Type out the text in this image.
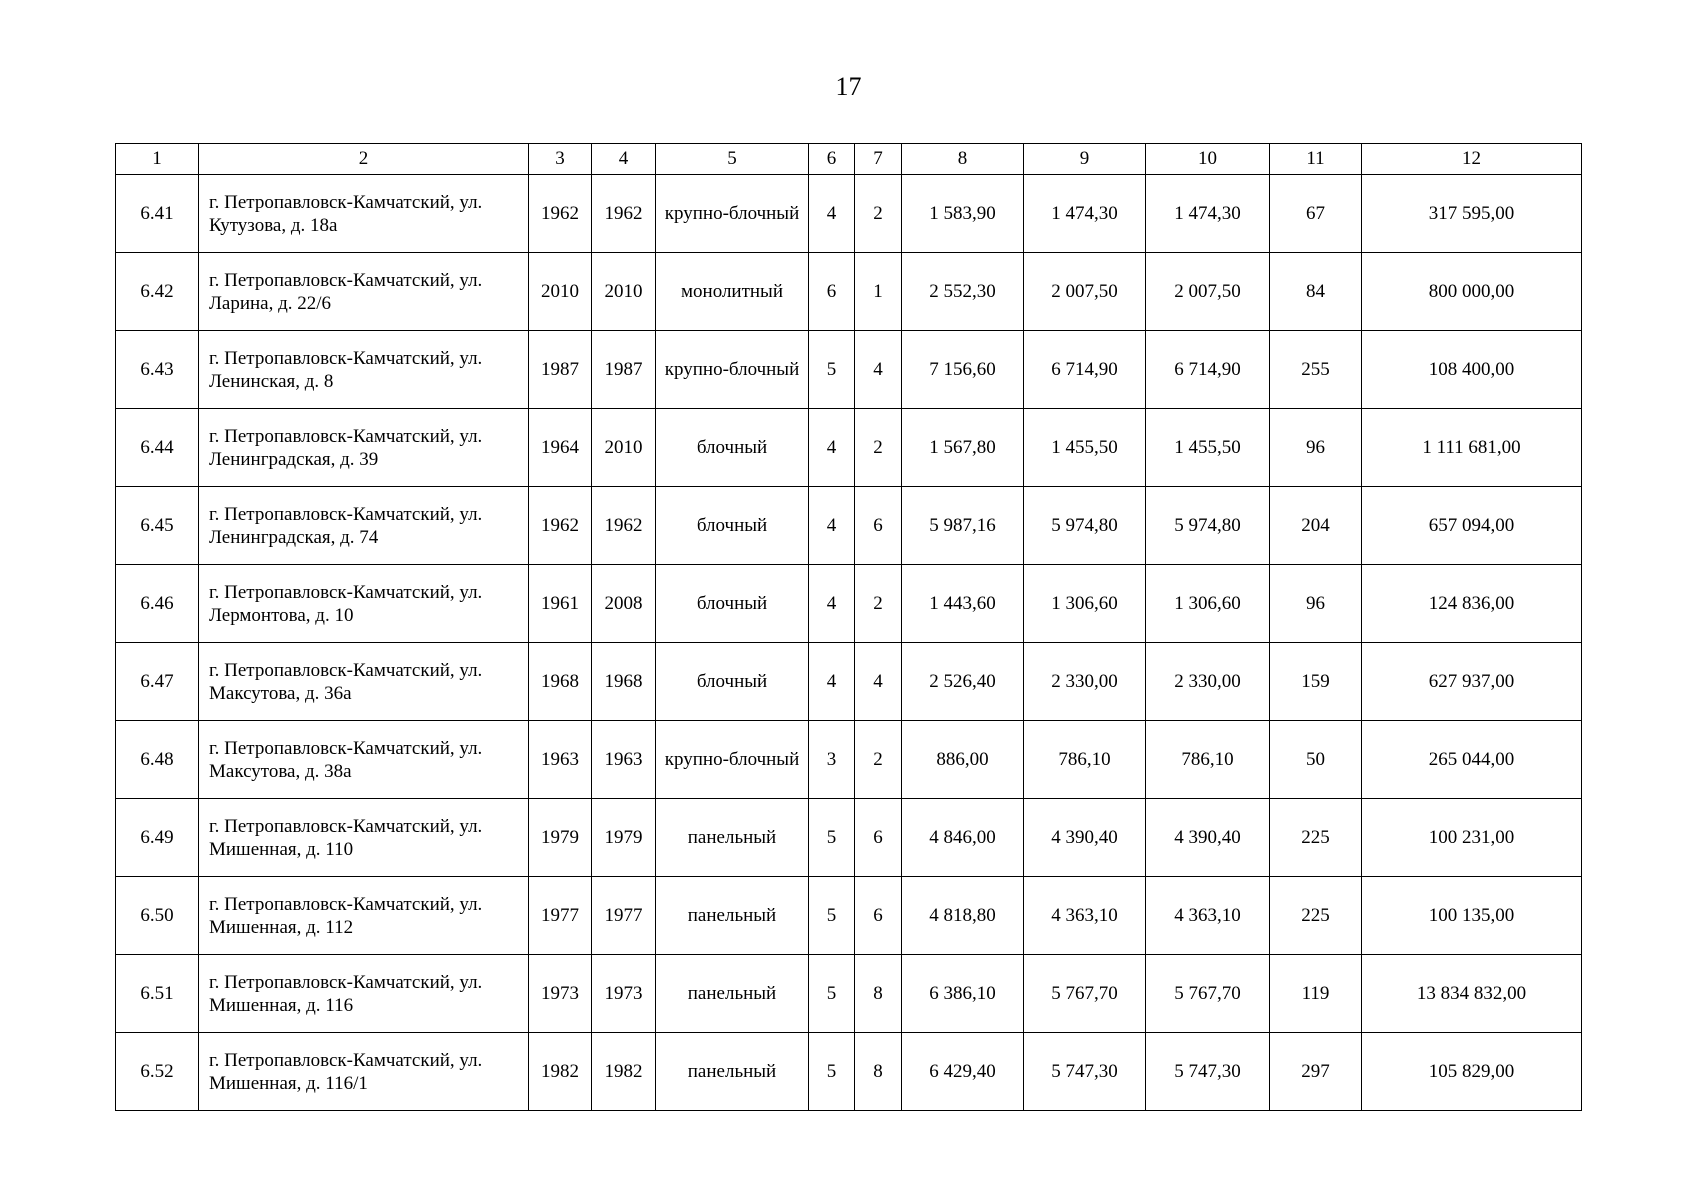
17
1	2	3	4	5	6	7	8	9	10	11	12
6.41	г. Петропавловск-Камчатский, ул. Кутузова, д. 18а	1962	1962	крупно-блочный	4	2	1 583,90	1 474,30	1 474,30	67	317 595,00
6.42	г. Петропавловск-Камчатский, ул. Ларина, д. 22/6	2010	2010	монолитный	6	1	2 552,30	2 007,50	2 007,50	84	800 000,00
6.43	г. Петропавловск-Камчатский, ул. Ленинская, д. 8	1987	1987	крупно-блочный	5	4	7 156,60	6 714,90	6 714,90	255	108 400,00
6.44	г. Петропавловск-Камчатский, ул. Ленинградская, д. 39	1964	2010	блочный	4	2	1 567,80	1 455,50	1 455,50	96	1 111 681,00
6.45	г. Петропавловск-Камчатский, ул. Ленинградская, д. 74	1962	1962	блочный	4	6	5 987,16	5 974,80	5 974,80	204	657 094,00
6.46	г. Петропавловск-Камчатский, ул. Лермонтова, д. 10	1961	2008	блочный	4	2	1 443,60	1 306,60	1 306,60	96	124 836,00
6.47	г. Петропавловск-Камчатский, ул. Максутова, д. 36а	1968	1968	блочный	4	4	2 526,40	2 330,00	2 330,00	159	627 937,00
6.48	г. Петропавловск-Камчатский, ул. Максутова, д. 38а	1963	1963	крупно-блочный	3	2	886,00	786,10	786,10	50	265 044,00
6.49	г. Петропавловск-Камчатский, ул. Мишенная, д. 110	1979	1979	панельный	5	6	4 846,00	4 390,40	4 390,40	225	100 231,00
6.50	г. Петропавловск-Камчатский, ул. Мишенная, д. 112	1977	1977	панельный	5	6	4 818,80	4 363,10	4 363,10	225	100 135,00
6.51	г. Петропавловск-Камчатский, ул. Мишенная, д. 116	1973	1973	панельный	5	8	6 386,10	5 767,70	5 767,70	119	13 834 832,00
6.52	г. Петропавловск-Камчатский, ул. Мишенная, д. 116/1	1982	1982	панельный	5	8	6 429,40	5 747,30	5 747,30	297	105 829,00
